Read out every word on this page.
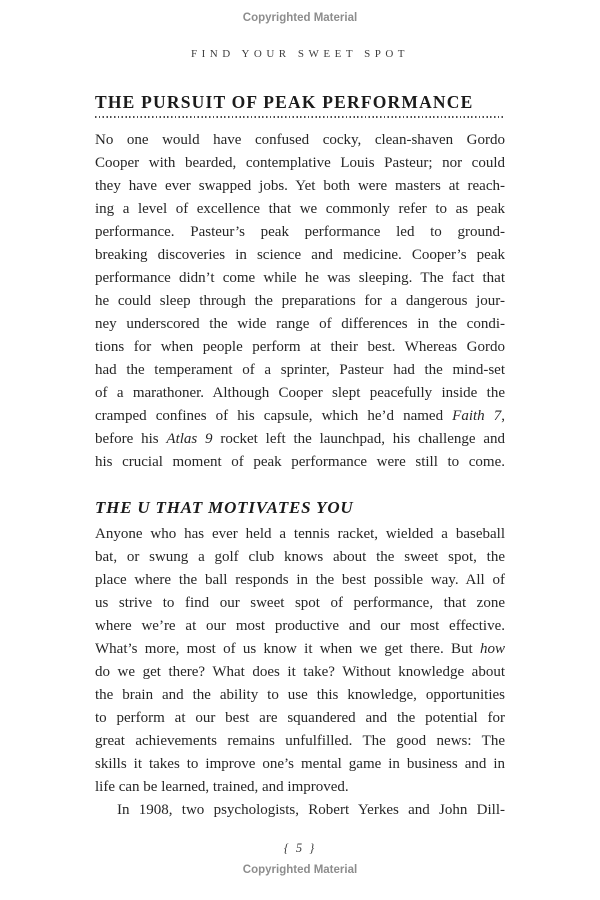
Copyrighted Material
FIND YOUR SWEET SPOT
THE PURSUIT OF PEAK PERFORMANCE
No one would have confused cocky, clean-shaven Gordo
Cooper with bearded, contemplative Louis Pasteur; nor could
they have ever swapped jobs. Yet both were masters at reach-
ing a level of excellence that we commonly refer to as peak
performance. Pasteur’s peak performance led to ground-
breaking discoveries in science and medicine. Cooper’s peak
performance didn’t come while he was sleeping. The fact that
he could sleep through the preparations for a dangerous jour-
ney underscored the wide range of differences in the condi-
tions for when people perform at their best. Whereas Gordo
had the temperament of a sprinter, Pasteur had the mind-set
of a marathoner. Although Cooper slept peacefully inside the
cramped confines of his capsule, which he’d named Faith 7,
before his Atlas 9 rocket left the launchpad, his challenge and
his crucial moment of peak performance were still to come.
THE U THAT MOTIVATES YOU
Anyone who has ever held a tennis racket, wielded a baseball
bat, or swung a golf club knows about the sweet spot, the
place where the ball responds in the best possible way. All of
us strive to find our sweet spot of performance, that zone
where we’re at our most productive and our most effective.
What’s more, most of us know it when we get there. But how
do we get there? What does it take? Without knowledge about
the brain and the ability to use this knowledge, opportunities
to perform at our best are squandered and the potential for
great achievements remains unfulfilled. The good news: The
skills it takes to improve one’s mental game in business and in
life can be learned, trained, and improved.
In 1908, two psychologists, Robert Yerkes and John Dill-
{ 5 }
Copyrighted Material
